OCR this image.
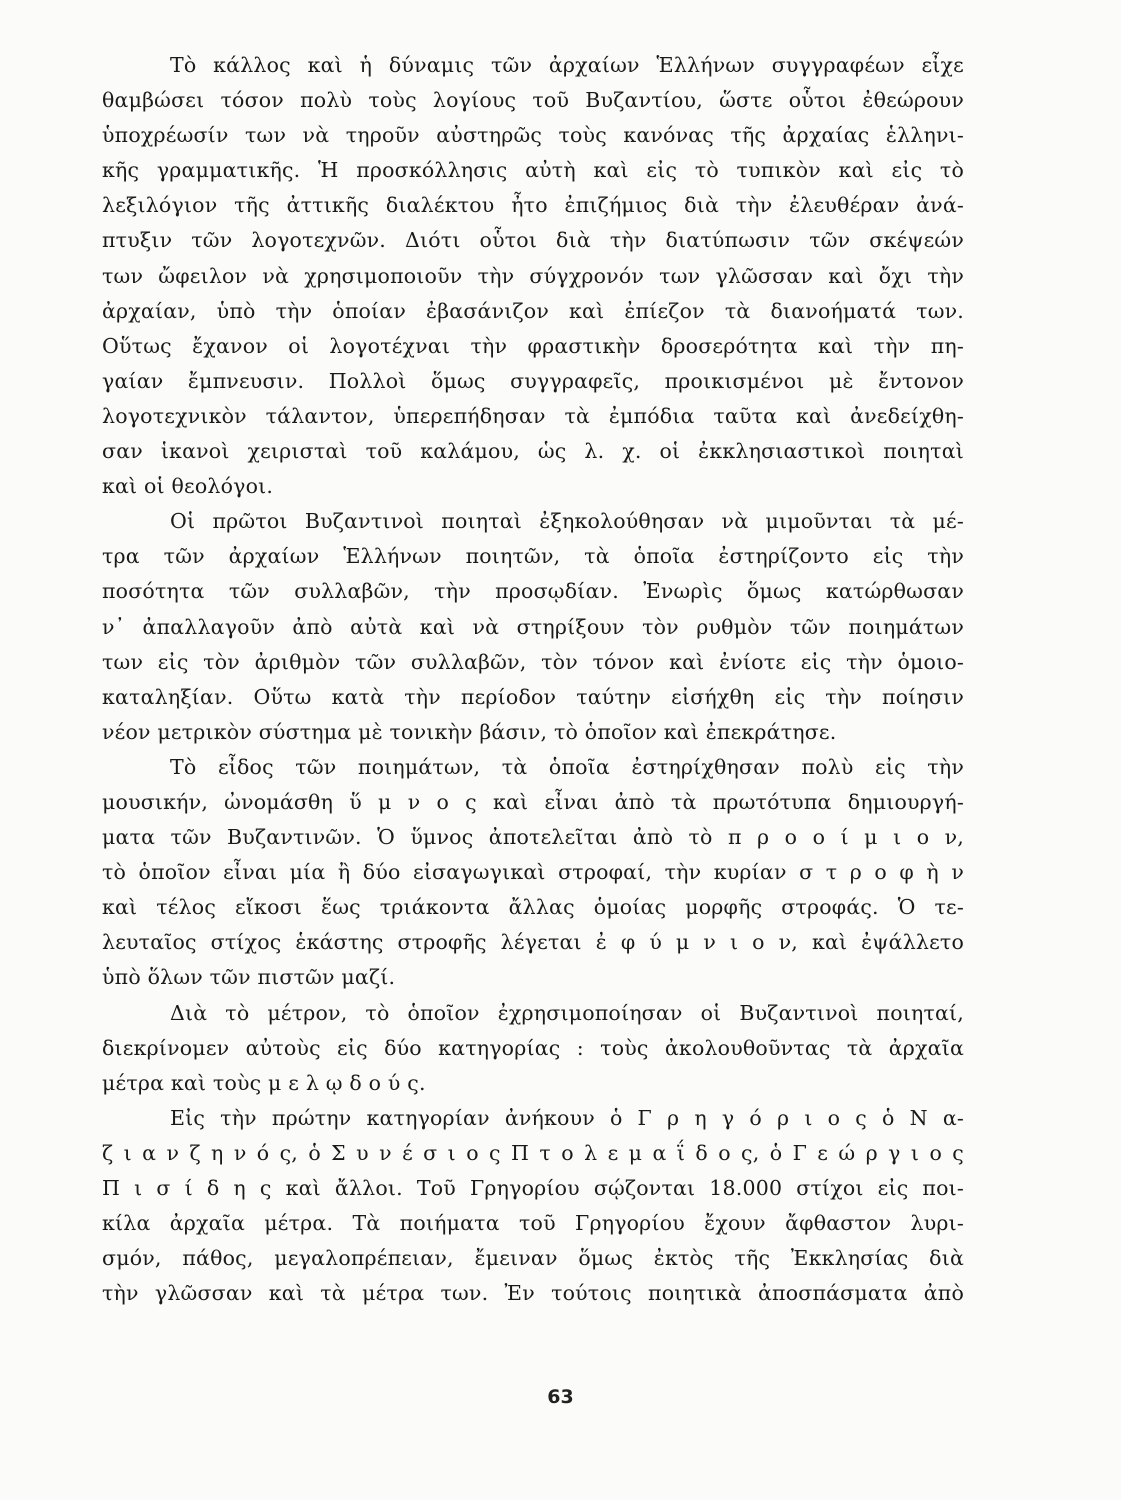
Τὸ κάλλος καὶ ἡ δύναμις τῶν ἀρχαίων Ἑλλήνων συγγραφέων εἶχε
θαμβώσει τόσον πολὺ τοὺς λογίους τοῦ Βυζαντίου, ὥστε οὗτοι ἐθεώρουν
ὑποχρέωσίν των νὰ τηροῦν αὐστηρῶς τοὺς κανόνας τῆς ἀρχαίας ἑλληνι-
κῆς γραμματικῆς. Ἡ προσκόλλησις αὐτὴ καὶ εἰς τὸ τυπικὸν καὶ εἰς τὸ
λεξιλόγιον τῆς ἀττικῆς διαλέκτου ἦτο ἐπιζήμιος διὰ τὴν ἐλευθέραν ἀνά-
πτυξιν τῶν λογοτεχνῶν. Διότι οὗτοι διὰ τὴν διατύπωσιν τῶν σκέψεών
των ὤφειλον νὰ χρησιμοποιοῦν τὴν σύγχρονόν των γλῶσσαν καὶ ὄχι τὴν
ἀρχαίαν, ὑπὸ τὴν ὁποίαν ἐβασάνιζον καὶ ἐπίεζον τὰ διανοήματά των.
Οὕτως ἔχανον οἱ λογοτέχναι τὴν φραστικὴν δροσερότητα καὶ τὴν πη-
γαίαν ἔμπνευσιν. Πολλοὶ ὅμως συγγραφεῖς, προικισμένοι μὲ ἔντονον
λογοτεχνικὸν τάλαντον, ὑπερεπήδησαν τὰ ἐμπόδια ταῦτα καὶ ἀνεδείχθη-
σαν ἱκανοὶ χειρισταὶ τοῦ καλάμου, ὡς λ. χ. οἱ ἐκκλησιαστικοὶ ποιηταὶ
καὶ οἱ θεολόγοι.
Οἱ πρῶτοι Βυζαντινοὶ ποιηταὶ ἐξηκολούθησαν νὰ μιμοῦνται τὰ μέ-
τρα τῶν ἀρχαίων Ἑλλήνων ποιητῶν, τὰ ὁποῖα ἐστηρίζοντο εἰς τὴν
ποσότητα τῶν συλλαβῶν, τὴν προσῳδίαν. Ἐνωρὶς ὅμως κατώρθωσαν
ν᾽ ἀπαλλαγοῦν ἀπὸ αὐτὰ καὶ νὰ στηρίξουν τὸν ρυθμὸν τῶν ποιημάτων
των εἰς τὸν ἀριθμὸν τῶν συλλαβῶν, τὸν τόνον καὶ ἐνίοτε εἰς τὴν ὁμοιο-
καταληξίαν. Οὕτω κατὰ τὴν περίοδον ταύτην εἰσήχθη εἰς τὴν ποίησιν
νέον μετρικὸν σύστημα μὲ τονικὴν βάσιν, τὸ ὁποῖον καὶ ἐπεκράτησε.
Τὸ εἶδος τῶν ποιημάτων, τὰ ὁποῖα ἐστηρίχθησαν πολὺ εἰς τὴν
μουσικήν, ὠνομάσθη ὕ μ ν ο ς καὶ εἶναι ἀπὸ τὰ πρωτότυπα δημιουργή-
ματα τῶν Βυζαντινῶν. Ὁ ὕμνος ἀποτελεῖται ἀπὸ τὸ π ρ ο ο ί μ ι ο ν,
τὸ ὁποῖον εἶναι μία ἢ δύο εἰσαγωγικαὶ στροφαί, τὴν κυρίαν σ τ ρ ο φ ὴ ν
καὶ τέλος εἴκοσι ἕως τριάκοντα ἄλλας ὁμοίας μορφῆς στροφάς. Ὁ τε-
λευταῖος στίχος ἑκάστης στροφῆς λέγεται ἐ φ ύ μ ν ι ο ν, καὶ ἐψάλλετο
ὑπὸ ὅλων τῶν πιστῶν μαζί.
Διὰ τὸ μέτρον, τὸ ὁποῖον ἐχρησιμοποίησαν οἱ Βυζαντινοὶ ποιηταί,
διεκρίνομεν αὐτοὺς εἰς δύο κατηγορίας : τοὺς ἀκολουθοῦντας τὰ ἀρχαῖα
μέτρα καὶ τοὺς μ ε λ ῳ δ ο ύ ς.
Εἰς τὴν πρώτην κατηγορίαν ἀνήκουν ὁ Γ ρ η γ ό ρ ι ο ς ὁ Ν α-
ζ ι α ν ζ η ν ό ς, ὁ Σ υ ν έ σ ι ο ς Π τ ο λ ε μ α ΐ δ ο ς, ὁ Γ ε ώ ρ γ ι ο ς
Π ι σ ί δ η ς καὶ ἄλλοι. Τοῦ Γρηγορίου σῴζονται 18.000 στίχοι εἰς ποι-
κίλα ἀρχαῖα μέτρα. Τὰ ποιήματα τοῦ Γρηγορίου ἔχουν ἄφθαστον λυρι-
σμόν, πάθος, μεγαλοπρέπειαν, ἔμειναν ὅμως ἐκτὸς τῆς Ἐκκλησίας διὰ
τὴν γλῶσσαν καὶ τὰ μέτρα των. Ἐν τούτοις ποιητικὰ ἀποσπάσματα ἀπὸ
63
